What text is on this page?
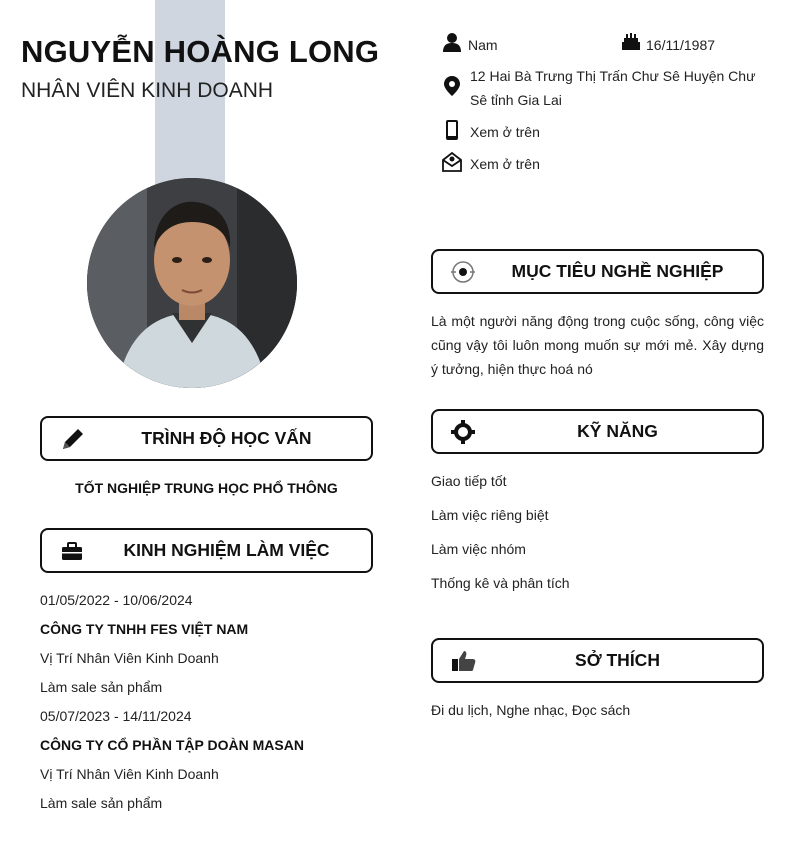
NGUYỄN HOÀNG LONG
NHÂN VIÊN KINH DOANH
Nam	16/11/1987
12 Hai Bà Trưng Thị Trấn Chư Sê Huyện Chư Sê tỉnh Gia Lai
Xem ở trên
Xem ở trên
TRÌNH ĐỘ HỌC VẤN
TỐT NGHIỆP TRUNG HỌC PHỔ THÔNG
KINH NGHIỆM LÀM VIỆC
01/05/2022 - 10/06/2024
CÔNG TY TNHH FES VIỆT NAM
Vị Trí Nhân Viên Kinh Doanh
Làm sale sản phẩm
05/07/2023 - 14/11/2024
CÔNG TY CỔ PHẦN TẬP DOÀN MASAN
Vị Trí Nhân Viên Kinh Doanh
Làm sale sản phẩm
MỤC TIÊU NGHỀ NGHIỆP
Là một người năng động trong cuộc sống, công việc cũng vậy tôi luôn mong muốn sự mới mẻ. Xây dựng ý tưởng, hiện thực hoá nó
KỸ NĂNG
Giao tiếp tốt
Làm việc riêng biệt
Làm việc nhóm
Thống kê và phân tích
SỞ THÍCH
Đi du lịch, Nghe nhạc, Đọc sách
